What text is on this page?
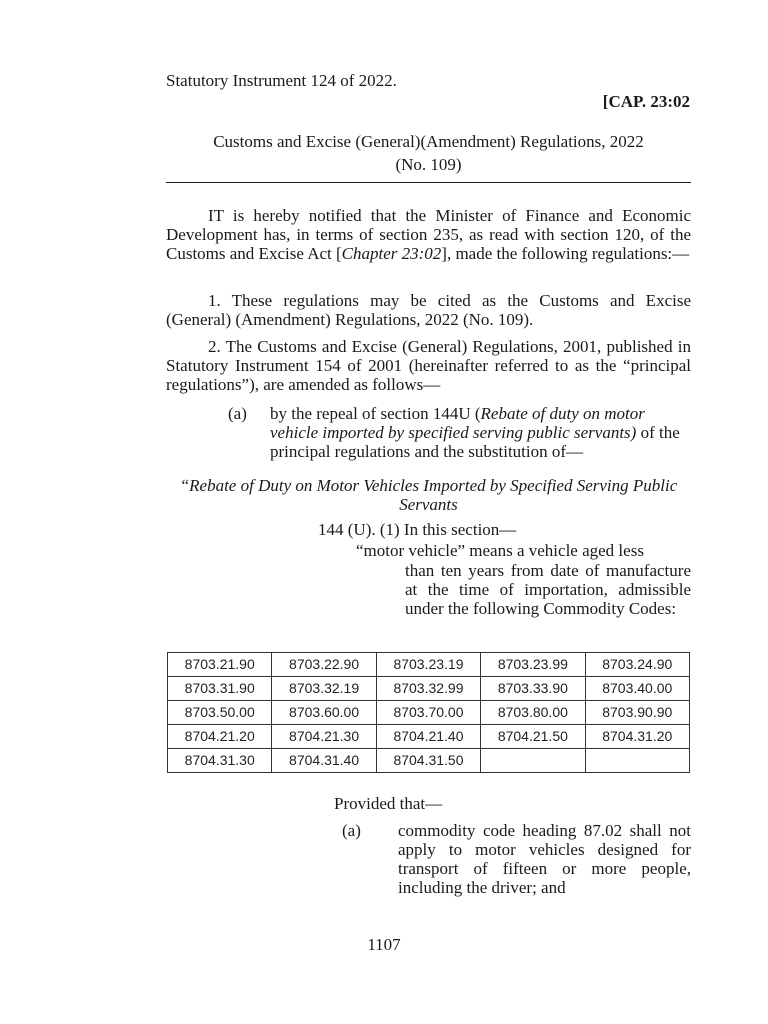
Statutory Instrument 124 of 2022.
[CAP. 23:02
Customs and Excise (General)(Amendment) Regulations, 2022
(No. 109)
IT is hereby notified that the Minister of Finance and Economic Development has, in terms of section 235, as read with section 120, of the Customs and Excise Act [Chapter 23:02], made the following regulations:—
1. These regulations may be cited as the Customs and Excise (General) (Amendment) Regulations, 2022 (No. 109).
2. The Customs and Excise (General) Regulations, 2001, published in Statutory Instrument 154 of 2001 (hereinafter referred to as the “principal regulations”), are amended as follows—
(a) by the repeal of section 144U (Rebate of duty on motor vehicle imported by specified serving public servants) of the principal regulations and the substitution of—
“Rebate of Duty on Motor Vehicles Imported by Specified Serving Public Servants
144 (U). (1) In this section—
“motor vehicle” means a vehicle aged less
than ten years from date of manufacture at the time of importation, admissible under the following Commodity Codes:
8703.21.90	8703.22.90	8703.23.19	8703.23.99	8703.24.90
8703.31.90	8703.32.19	8703.32.99	8703.33.90	8703.40.00
8703.50.00	8703.60.00	8703.70.00	8703.80.00	8703.90.90
8704.21.20	8704.21.30	8704.21.40	8704.21.50	8704.31.20
8704.31.30	8704.31.40	8704.31.50		
Provided that—
(a) commodity code heading 87.02 shall not apply to motor vehicles designed for transport of fifteen or more people, including the driver; and
1107
